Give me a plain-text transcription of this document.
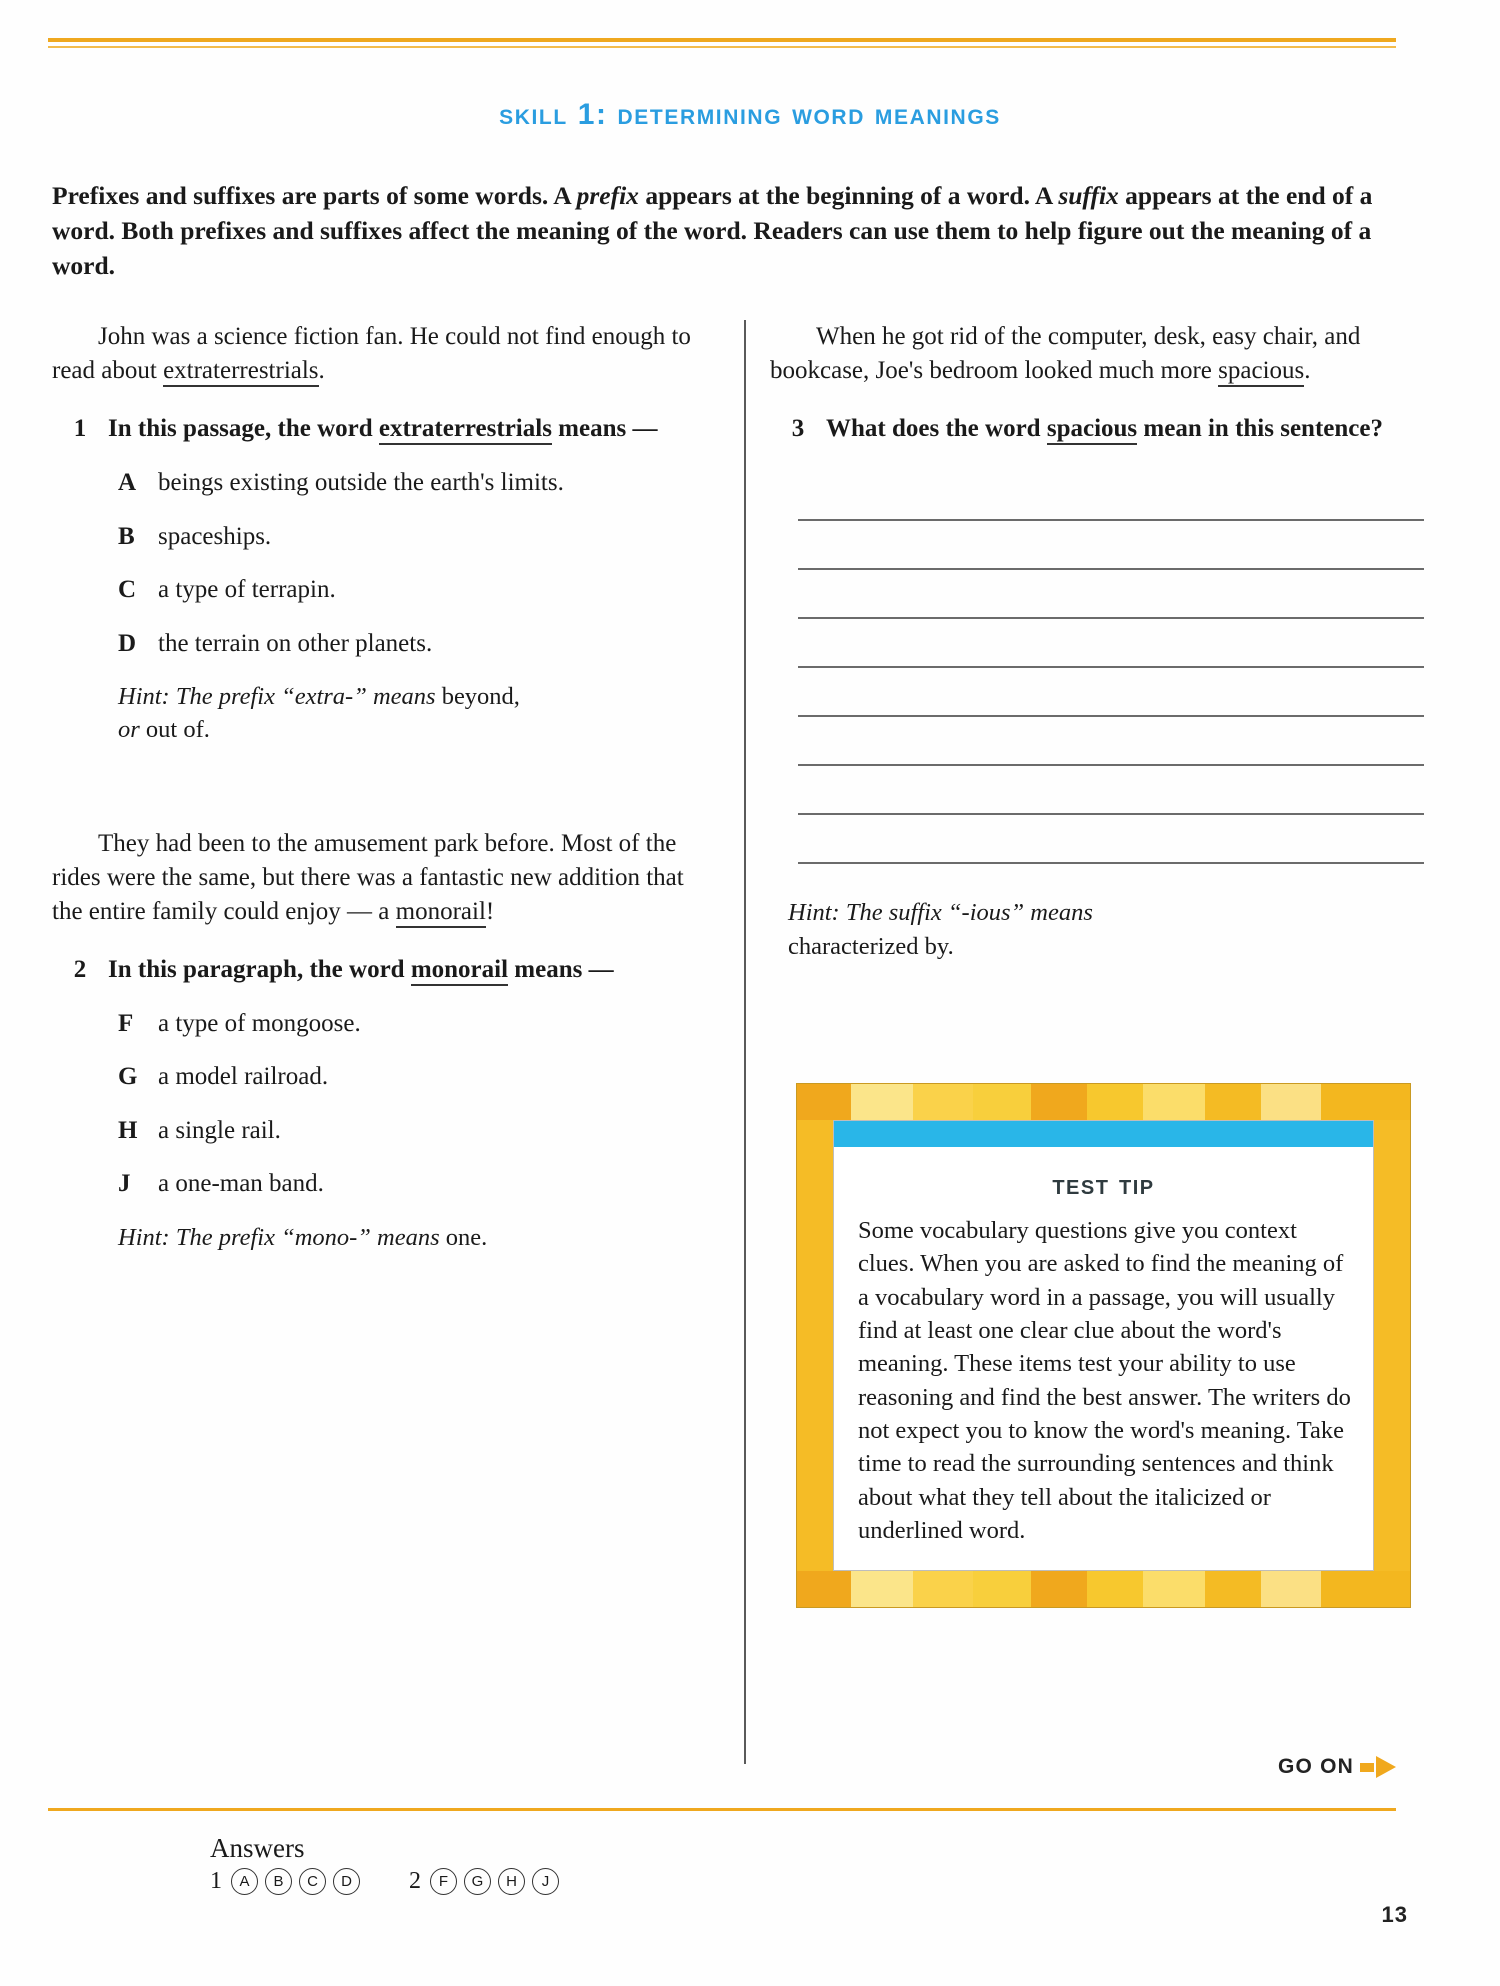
skill 1: determining word meanings
Prefixes and suffixes are parts of some words. A prefix appears at the beginning of a word. A suffix appears at the end of a word. Both prefixes and suffixes affect the meaning of the word. Readers can use them to help figure out the meaning of a word.
John was a science fiction fan. He could not find enough to read about extraterrestrials.
1 In this passage, the word extraterrestrials means —
A beings existing outside the earth's limits.
B spaceships.
C a type of terrapin.
D the terrain on other planets.
Hint: The prefix “extra-” means beyond,
or out of.
They had been to the amusement park before. Most of the rides were the same, but there was a fantastic new addition that the entire family could enjoy — a monorail!
2 In this paragraph, the word monorail means —
F a type of mongoose.
G a model railroad.
H a single rail.
J	a one-man band.
Hint: The prefix “mono-” means one.
When he got rid of the computer, desk, easy chair, and bookcase, Joe's bedroom looked much more spacious.
3 What does the word spacious mean in this sentence?
Hint: The suffix “-ious” means
characterized by.
test tip
Some vocabulary questions give you context clues. When you are asked to find the meaning of a vocabulary word in a passage, you will usually find at least one clear clue about the word's meaning. These items test your ability to use reasoning and find the best answer. The writers do not expect you to know the word's meaning. Take time to read the surrounding sentences and think about what they tell about the italicized or underlined word.
GO ON
Answers
1	A	B	C	D	2	F	G	H	J
13
